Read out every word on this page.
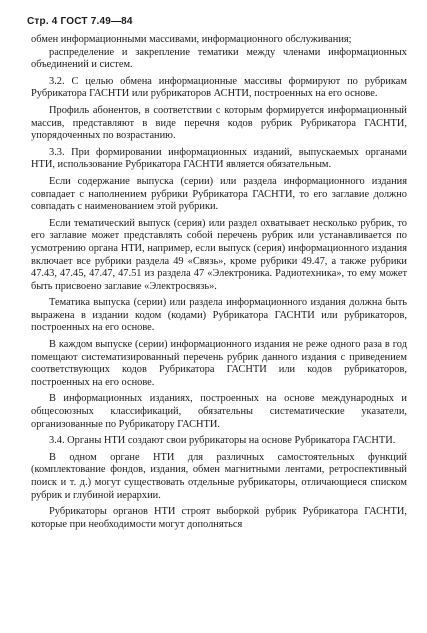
Стр. 4 ГОСТ 7.49—84

обмен информационными массивами, информационного обслуживания;

распределение и закрепление тематики между членами информационных объединений и систем.

3.2. С целью обмена информационные массивы формируют по рубрикам Рубрикатора ГАСНТИ или рубрикаторов АСНТИ, построенных на его основе.

Профиль абонентов, в соответствии с которым формируется информационный массив, представляют в виде перечня кодов рубрик Рубрикатора ГАСНТИ, упорядоченных по возрастанию.

3.3. При формировании информационных изданий, выпускаемых органами НТИ, использование Рубрикатора ГАСНТИ является обязательным.

Если содержание выпуска (серии) или раздела информационного издания совпадает с наполнением рубрики Рубрикатора ГАСНТИ, то его заглавие должно совпадать с наименованием этой рубрики.

Если тематический выпуск (серия) или раздел охватывает несколько рубрик, то его заглавие может представлять собой перечень рубрик или устанавливается по усмотрению органа НТИ, например, если выпуск (серия) информационного издания включает все рубрики раздела 49 «Связь», кроме рубрики 49.47, а также рубрики 47.43, 47.45, 47.47, 47.51 из раздела 47 «Электроника. Радиотехника», то ему может быть присвоено заглавие «Электросвязь».

Тематика выпуска (серии) или раздела информационного издания должна быть выражена в издании кодом (кодами) Рубрикатора ГАСНТИ или рубрикаторов, построенных на его основе.

В каждом выпуске (серии) информационного издания не реже одного раза в год помещают систематизированный перечень рубрик данного издания с приведением соответствующих кодов Рубрикатора ГАСНТИ или кодов рубрикаторов, построенных на его основе.

В информационных изданиях, построенных на основе международных и общесоюзных классификаций, обязательны систематические указатели, организованные по Рубрикатору ГАСНТИ.

3.4. Органы НТИ создают свои рубрикаторы на основе Рубрикатора ГАСНТИ.

В одном органе НТИ для различных самостоятельных функций (комплектование фондов, издания, обмен магнитными лентами, ретроспективный поиск и т. д.) могут существовать отдельные рубрикаторы, отличающиеся списком рубрик и глубиной иерархии.

Рубрикаторы органов НТИ строят выборкой рубрик Рубрикатора ГАСНТИ, которые при необходимости могут дополняться
